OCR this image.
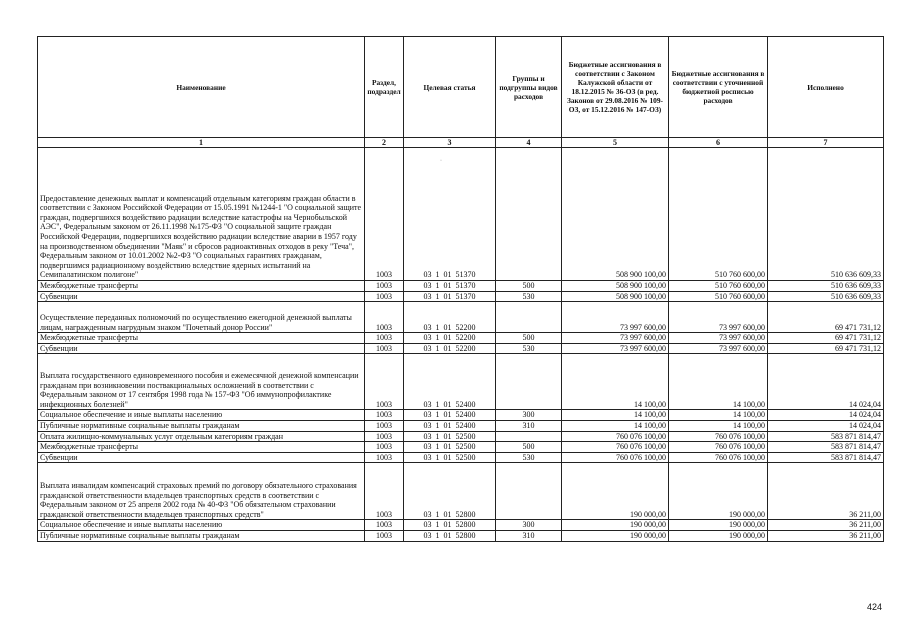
Наименование	Раздел, подраздел	Целевая статья	Группы и подгруппы видов расходов	Бюджетные ассигнования в соответствии с Законом Калужской области от 18.12.2015 № 36-ОЗ (в ред. Законов от 29.08.2016 № 109-ОЗ, от 15.12.2016 № 147-ОЗ)	Бюджетные ассигнования в соответствии с уточненной бюджетной росписью расходов	Исполнено
1	2	3	4	5	6	7
Предоставление денежных выплат и компенсаций отдельным категориям граждан области в соответствии с Законом Российской Федерации от 15.05.1991 №1244-1 "О социальной защите граждан, подвергшихся воздействию радиации вследствие катастрофы на Чернобыльской АЭС", Федеральным законом от 26.11.1998 №175-ФЗ "О социальной защите граждан Российской Федерации, подвергшихся воздействию радиации вследствие аварии в 1957 году на производственном объединении "Маяк" и сбросов радиоактивных отходов в реку "Теча", Федеральным законом от 10.01.2002 №2-ФЗ "О социальных гарантиях гражданам, подвергшимся радиационному воздействию вследствие ядерных испытаний на Семипалатинском полигоне"	1003	03  1  01  51370		508 900 100,00	510 760 600,00	510 636 609,33
Межбюджетные трансферты	1003	03  1  01  51370	500	508 900 100,00	510 760 600,00	510 636 609,33
Субвенции	1003	03  1  01  51370	530	508 900 100,00	510 760 600,00	510 636 609,33
Осуществление переданных полномочий по осуществлению ежегодной денежной выплаты лицам, награжденным нагрудным знаком "Почетный донор России"	1003	03  1  01  52200		73 997 600,00	73 997 600,00	69 471 731,12
Межбюджетные трансферты	1003	03  1  01  52200	500	73 997 600,00	73 997 600,00	69 471 731,12
Субвенции	1003	03  1  01  52200	530	73 997 600,00	73 997 600,00	69 471 731,12
Выплата государственного единовременного пособия и ежемесячной денежной компенсации гражданам при возникновении поствакцинальных осложнений в соответствии с Федеральным законом от 17 сентября 1998 года № 157-ФЗ "Об иммунопрофилактике инфекционных болезней"	1003	03  1  01  52400		14 100,00	14 100,00	14 024,04
Социальное обеспечение и иные выплаты населению	1003	03  1  01  52400	300	14 100,00	14 100,00	14 024,04
Публичные нормативные социальные выплаты гражданам	1003	03  1  01  52400	310	14 100,00	14 100,00	14 024,04
Оплата жилищно-коммунальных услуг отдельным категориям граждан	1003	03  1  01  52500		760 076 100,00	760 076 100,00	583 871 814,47
Межбюджетные трансферты	1003	03  1  01  52500	500	760 076 100,00	760 076 100,00	583 871 814,47
Субвенции	1003	03  1  01  52500	530	760 076 100,00	760 076 100,00	583 871 814,47
Выплата инвалидам компенсаций страховых премий по договору обязательного страхования гражданской ответственности владельцев транспортных средств в соответствии с Федеральным законом от 25 апреля 2002 года № 40-ФЗ "Об обязательном страховании гражданской ответственности владельцев транспортных средств"	1003	03  1  01  52800		190 000,00	190 000,00	36 211,00
Социальное обеспечение и иные выплаты населению	1003	03  1  01  52800	300	190 000,00	190 000,00	36 211,00
Публичные нормативные социальные выплаты гражданам	1003	03  1  01  52800	310	190 000,00	190 000,00	36 211,00
·
424
